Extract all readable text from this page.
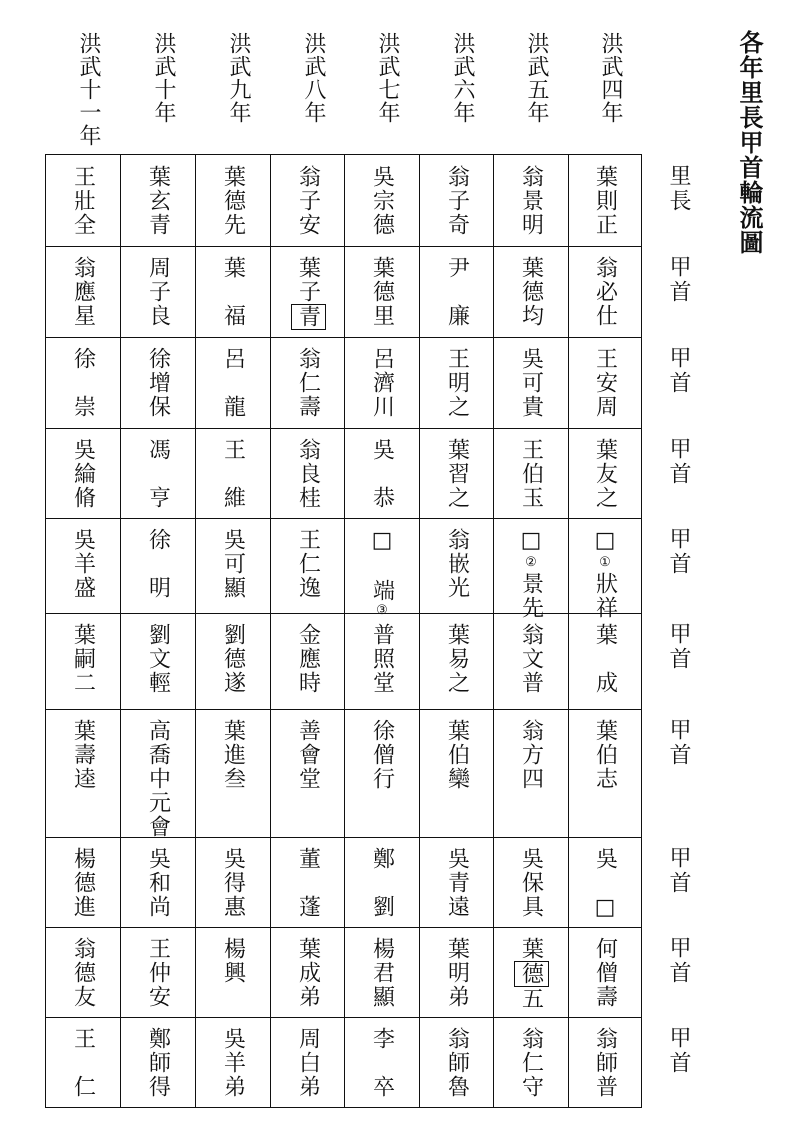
各年里長甲首輪流圖
洪武四年
洪武五年
洪武六年
洪武七年
洪武八年
洪武九年
洪武十年
洪武十一年
里長
甲首
甲首
甲首
甲首
甲首
甲首
甲首
甲首
甲首
葉則正
翁必仕
王安周
葉友之
□①狀祥
葉　成
葉伯志
吳　□
何僧壽
翁師普
翁景明
葉德均
吳可貴
王伯玉
□②景先
翁文普
翁方四
吳保具
葉德五
翁仁守
翁子奇
尹　廉
王明之
葉習之
翁嵌光
葉易之
葉伯欒
吳青遠
葉明弟
翁師魯
吳宗德
葉德里
呂濟川
吳　恭
□　端③
普照堂
徐僧行
鄭　劉
楊君顯
李　卒
翁子安
葉子青
翁仁壽
翁良桂
王仁逸
金應時
善會堂
董　蓬
葉成弟
周白弟
葉德先
葉　福
呂　龍
王　維
吳可顯
劉德遂
葉進叁
吳得惠
楊興
吳羊弟
葉玄青
周子良
徐增保
馮　亨
徐　明
劉文輕
高喬中元會
吳和尚
王仲安
鄭師得
王壯全
翁應星
徐　崇
吳綸脩
吳羊盛
葉嗣二
葉壽逵
楊德進
翁德友
王　仁
